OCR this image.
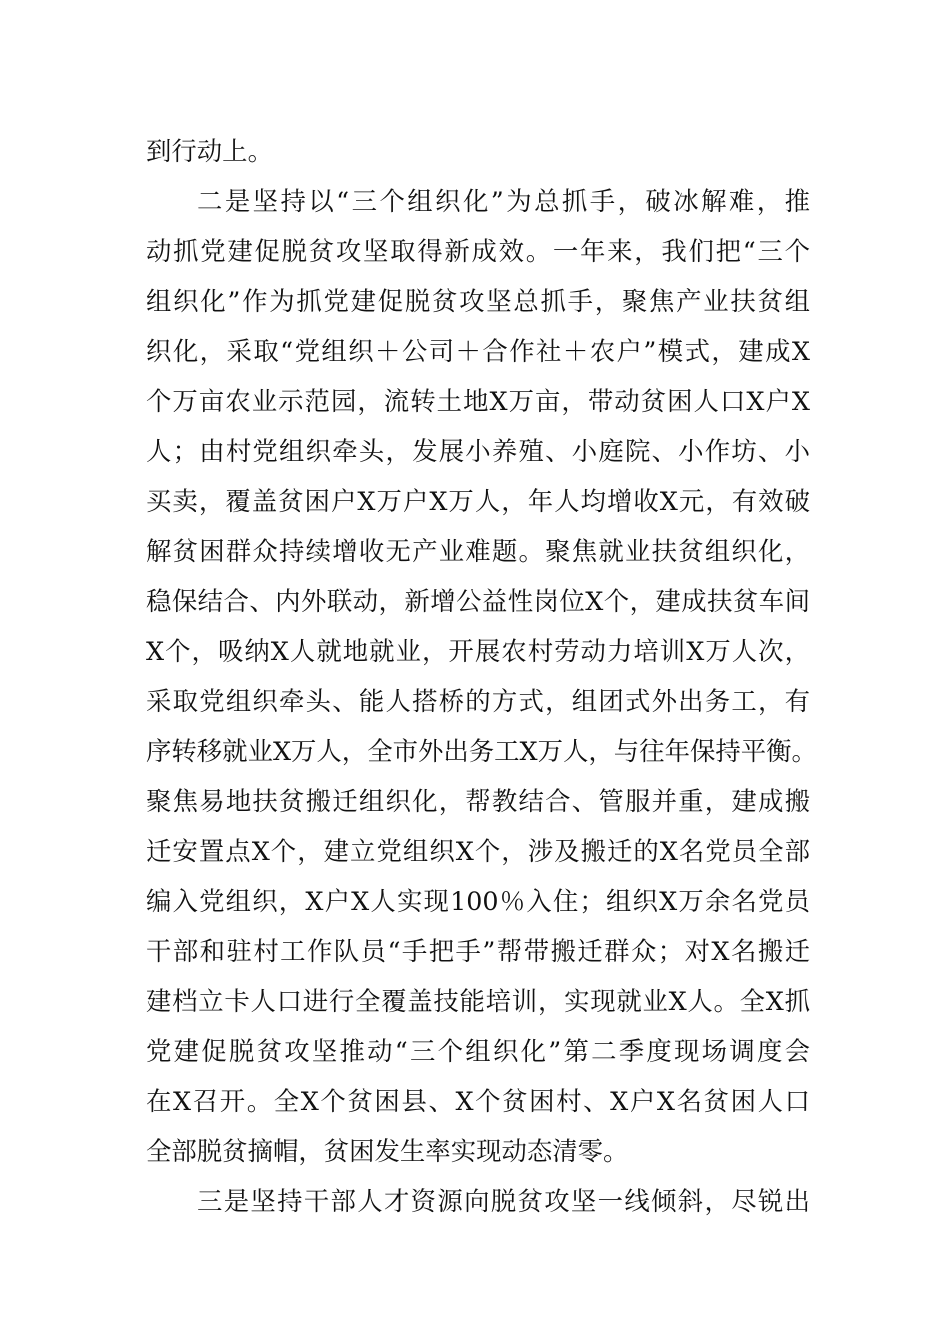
到行动上。
二是坚持以“三个组织化”为总抓手，破冰解难，推
动抓党建促脱贫攻坚取得新成效。一年来，我们把“三个
组织化”作为抓党建促脱贫攻坚总抓手，聚焦产业扶贫组
织化，采取“党组织＋公司＋合作社＋农户”模式，建成X
个万亩农业示范园，流转土地X万亩，带动贫困人口X户X
人；由村党组织牵头，发展小养殖、小庭院、小作坊、小
买卖，覆盖贫困户X万户X万人，年人均增收X元，有效破
解贫困群众持续增收无产业难题。聚焦就业扶贫组织化，
稳保结合、内外联动，新增公益性岗位X个，建成扶贫车间
X个，吸纳X人就地就业，开展农村劳动力培训X万人次，
采取党组织牵头、能人搭桥的方式，组团式外出务工，有
序转移就业X万人，全市外出务工X万人，与往年保持平衡。
聚焦易地扶贫搬迁组织化，帮教结合、管服并重，建成搬
迁安置点X个，建立党组织X个，涉及搬迁的X名党员全部
编入党组织，X户X人实现100％入住；组织X万余名党员
干部和驻村工作队员“手把手”帮带搬迁群众；对X名搬迁
建档立卡人口进行全覆盖技能培训，实现就业X人。全X抓
党建促脱贫攻坚推动“三个组织化”第二季度现场调度会
在X召开。全X个贫困县、X个贫困村、X户X名贫困人口
全部脱贫摘帽，贫困发生率实现动态清零。
三是坚持干部人才资源向脱贫攻坚一线倾斜，尽锐出
